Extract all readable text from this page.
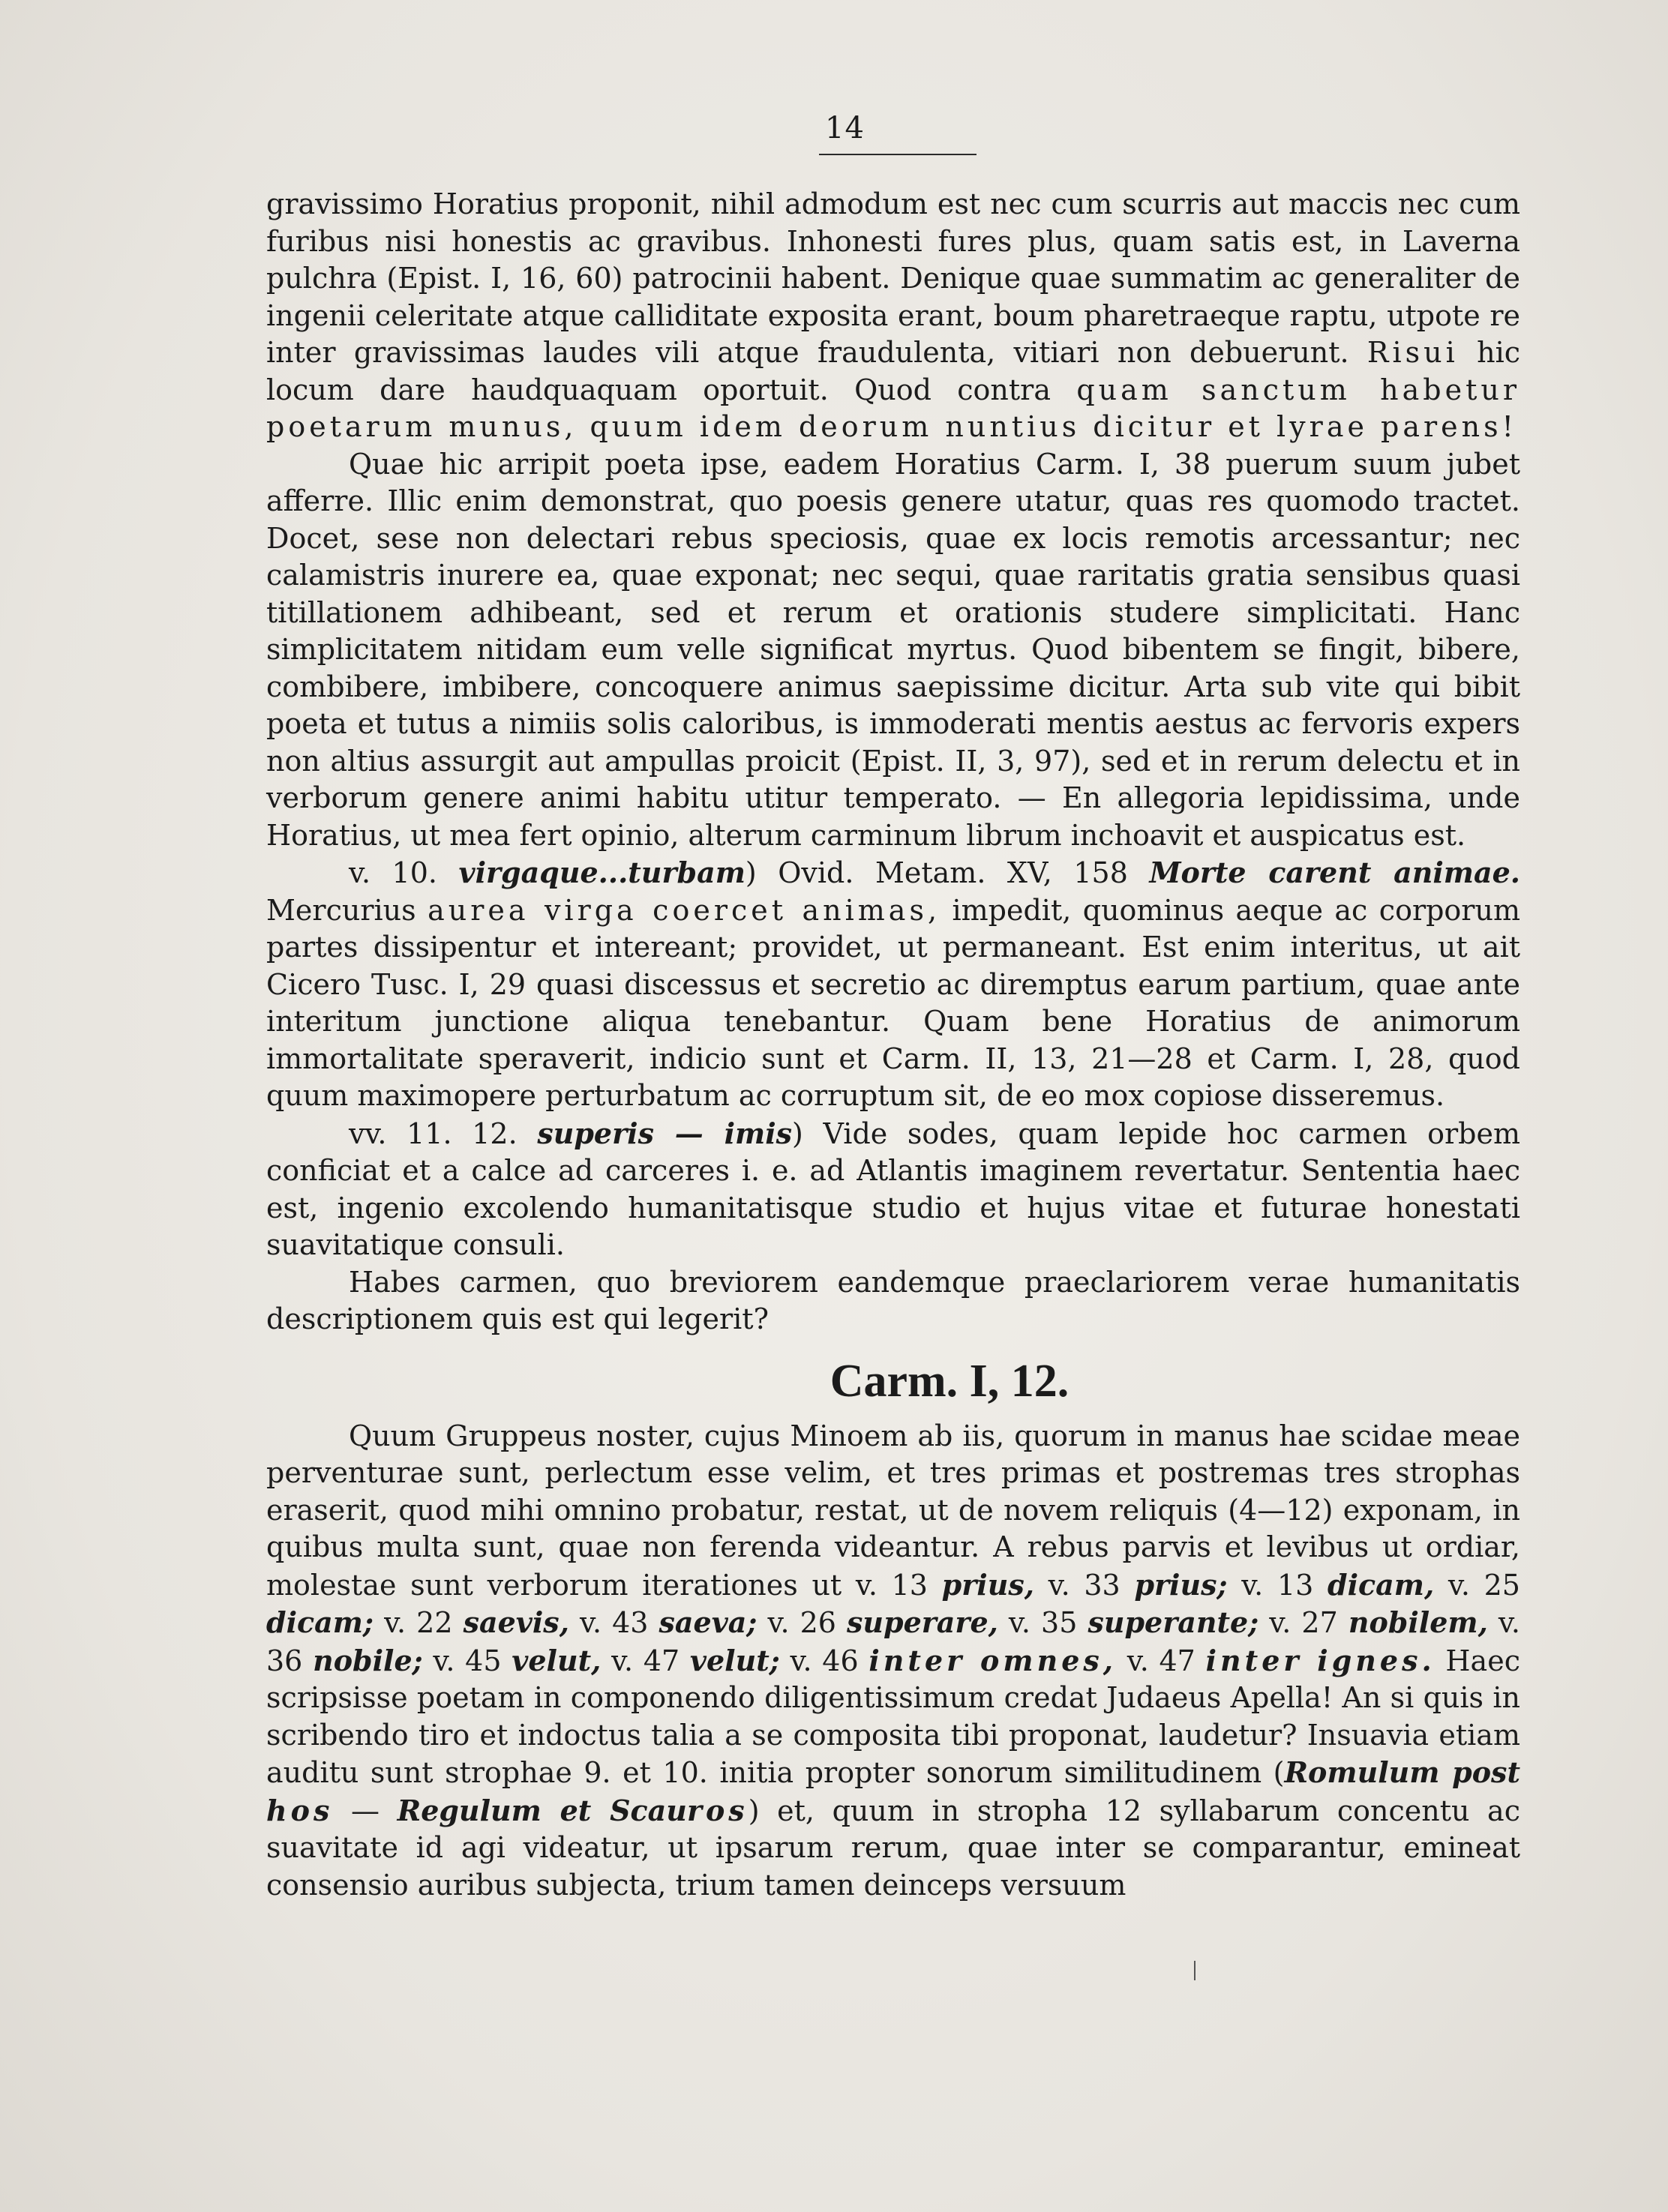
14

gravissimo Horatius proponit, nihil admodum est nec cum scurris aut maccis nec cum furibus nisi honestis ac gravibus. Inhonesti fures plus, quam satis est, in Laverna pulchra (Epist. I, 16, 60) patrocinii habent. Denique quae summatim ac generaliter de ingenii celeritate atque calliditate exposita erant, boum pharetraeque raptu, utpote re inter gravissimas laudes vili atque fraudulenta, vitiari non debuerunt. Risui hic locum dare haudquaquam oportuit. Quod contra quam sanctum habetur poetarum munus, quum idem deorum nuntius dicitur et lyrae parens!

Quae hic arripit poeta ipse, eadem Horatius Carm. I, 38 puerum suum jubet afferre. Illic enim demonstrat, quo poesis genere utatur, quas res quomodo tractet. Docet, sese non delectari rebus speciosis, quae ex locis remotis arcessantur; nec calamistris inurere ea, quae exponat; nec sequi, quae raritatis gratia sensibus quasi titillationem adhibeant, sed et rerum et orationis studere simplicitati. Hanc simplicitatem nitidam eum velle significat myrtus. Quod bibentem se fingit, bibere, combibere, imbibere, concoquere animus saepissime dicitur. Arta sub vite qui bibit poeta et tutus a nimiis solis caloribus, is immoderati mentis aestus ac fervoris expers non altius assurgit aut ampullas proicit (Epist. II, 3, 97), sed et in rerum delectu et in verborum genere animi habitu utitur temperato. — En allegoria lepidissima, unde Horatius, ut mea fert opinio, alterum carminum librum inchoavit et auspicatus est.

v. 10. virgaque...turbam) Ovid. Metam. XV, 158 Morte carent animae. Mercurius aurea virga coercet animas, impedit, quominus aeque ac corporum partes dissipentur et intereant; providet, ut permaneant. Est enim interitus, ut ait Cicero Tusc. I, 29 quasi discessus et secretio ac diremptus earum partium, quae ante interitum junctione aliqua tenebantur. Quam bene Horatius de animorum immortalitate speraverit, indicio sunt et Carm. II, 13, 21—28 et Carm. I, 28, quod quum maximopere perturbatum ac corruptum sit, de eo mox copiose disseremus.

vv. 11. 12. superis — imis) Vide sodes, quam lepide hoc carmen orbem conficiat et a calce ad carceres i. e. ad Atlantis imaginem revertatur. Sententia haec est, ingenio excolendo humanitatisque studio et hujus vitae et futurae honestati suavitatique consuli.

Habes carmen, quo breviorem eandemque praeclariorem verae humanitatis descriptionem quis est qui legerit?

Carm. I, 12.

Quum Gruppeus noster, cujus Minoem ab iis, quorum in manus hae scidae meae perventurae sunt, perlectum esse velim, et tres primas et postremas tres strophas eraserit, quod mihi omnino probatur, restat, ut de novem reliquis (4—12) exponam, in quibus multa sunt, quae non ferenda videantur. A rebus parvis et levibus ut ordiar, molestae sunt verborum iterationes ut v. 13 prius, v. 33 prius; v. 13 dicam, v. 25 dicam; v. 22 saevis, v. 43 saeva; v. 26 superare, v. 35 superante; v. 27 nobilem, v. 36 nobile; v. 45 velut, v. 47 velut; v. 46 inter omnes, v. 47 inter ignes. Haec scripsisse poetam in componendo diligentissimum credat Judaeus Apella! An si quis in scribendo tiro et indoctus talia a se composita tibi proponat, laudetur? Insuavia etiam auditu sunt strophae 9. et 10. initia propter sonorum similitudinem (Romulum post hos — Regulum et Scauros) et, quum in stropha 12 syllabarum concentu ac suavitate id agi videatur, ut ipsarum rerum, quae inter se comparantur, emineat consensio auribus subjecta, trium tamen deinceps versuum
